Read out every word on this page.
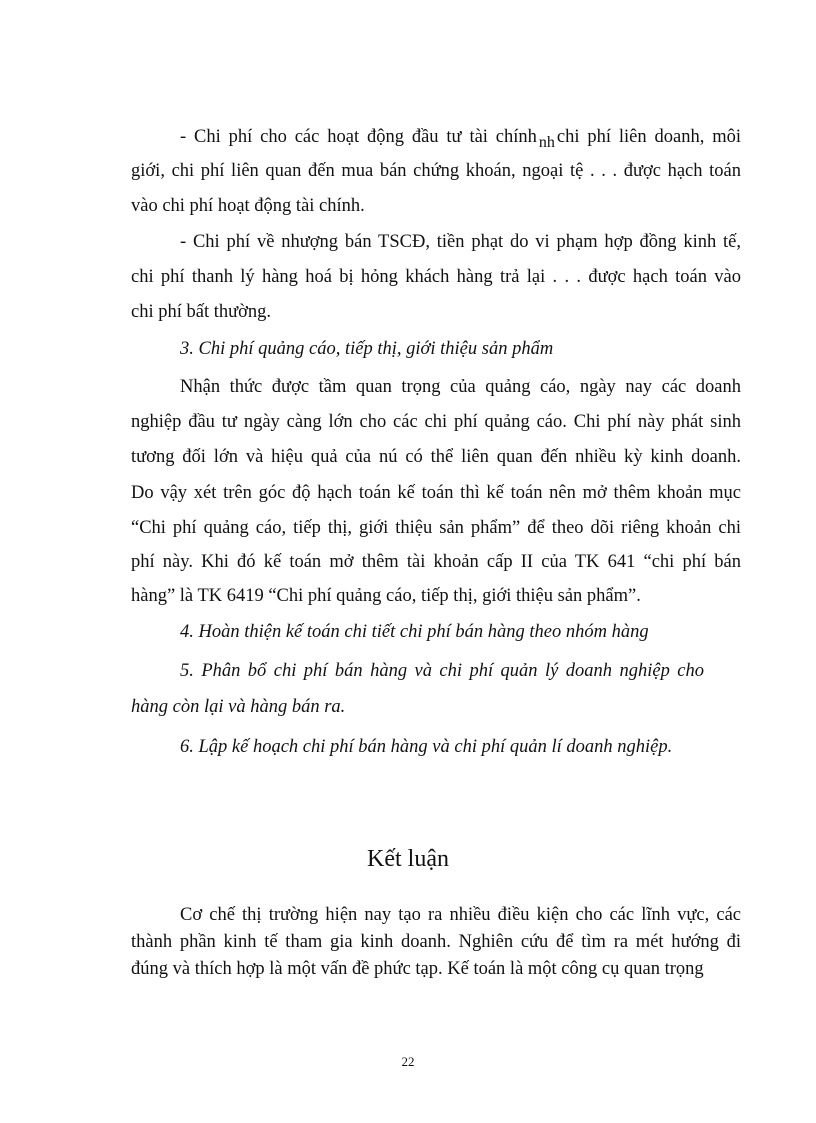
- Chi phí cho các hoạt động đầu tư tài chính nh chi phí liên doanh, môi
giới, chi phí liên quan đến mua bán chứng khoán, ngoại tệ . . . được hạch toán
vào chi phí hoạt động tài chính.
- Chi phí về nhượng bán TSCĐ, tiền phạt do vi phạm hợp đồng kinh tế,
chi phí thanh lý hàng hoá bị hỏng khách hàng trả lại . . . được hạch toán vào
chi phí bất thường.
3. Chi phí quảng cáo, tiếp thị, giới thiệu sản phẩm
Nhận thức được tầm quan trọng của quảng cáo, ngày nay các doanh
nghiệp đầu tư ngày càng lớn cho các chi phí quảng cáo. Chi phí này phát sinh
tương đối lớn và hiệu quả của nú có thể liên quan đến nhiều kỳ kinh doanh.
Do vậy xét trên góc độ hạch toán kế toán thì kế toán nên mở thêm khoản mục
“Chi phí quảng cáo, tiếp thị, giới thiệu sản phẩm” để theo dõi riêng khoản chi
phí này. Khi đó kế toán mở thêm tài khoản cấp II của TK 641 “chi phí bán
hàng” là TK 6419 “Chi phí quảng cáo, tiếp thị, giới thiệu sản phẩm”.
4. Hoàn thiện kế toán chi tiết chi phí bán hàng theo nhóm hàng
5. Phân bổ chi phí bán hàng và chi phí quản lý doanh nghiệp cho
hàng còn lại và hàng bán ra.
6. Lập kế hoạch chi phí bán hàng và chi phí quản lí doanh nghiệp.
Kết luận
Cơ chế thị trường hiện nay tạo ra nhiều điều kiện cho các lĩnh vực, các
thành phần kinh tế tham gia kinh doanh. Nghiên cứu để tìm ra mét hướng đi
đúng và thích hợp là một vấn đề phức tạp. Kế toán là một công cụ quan trọng
22
